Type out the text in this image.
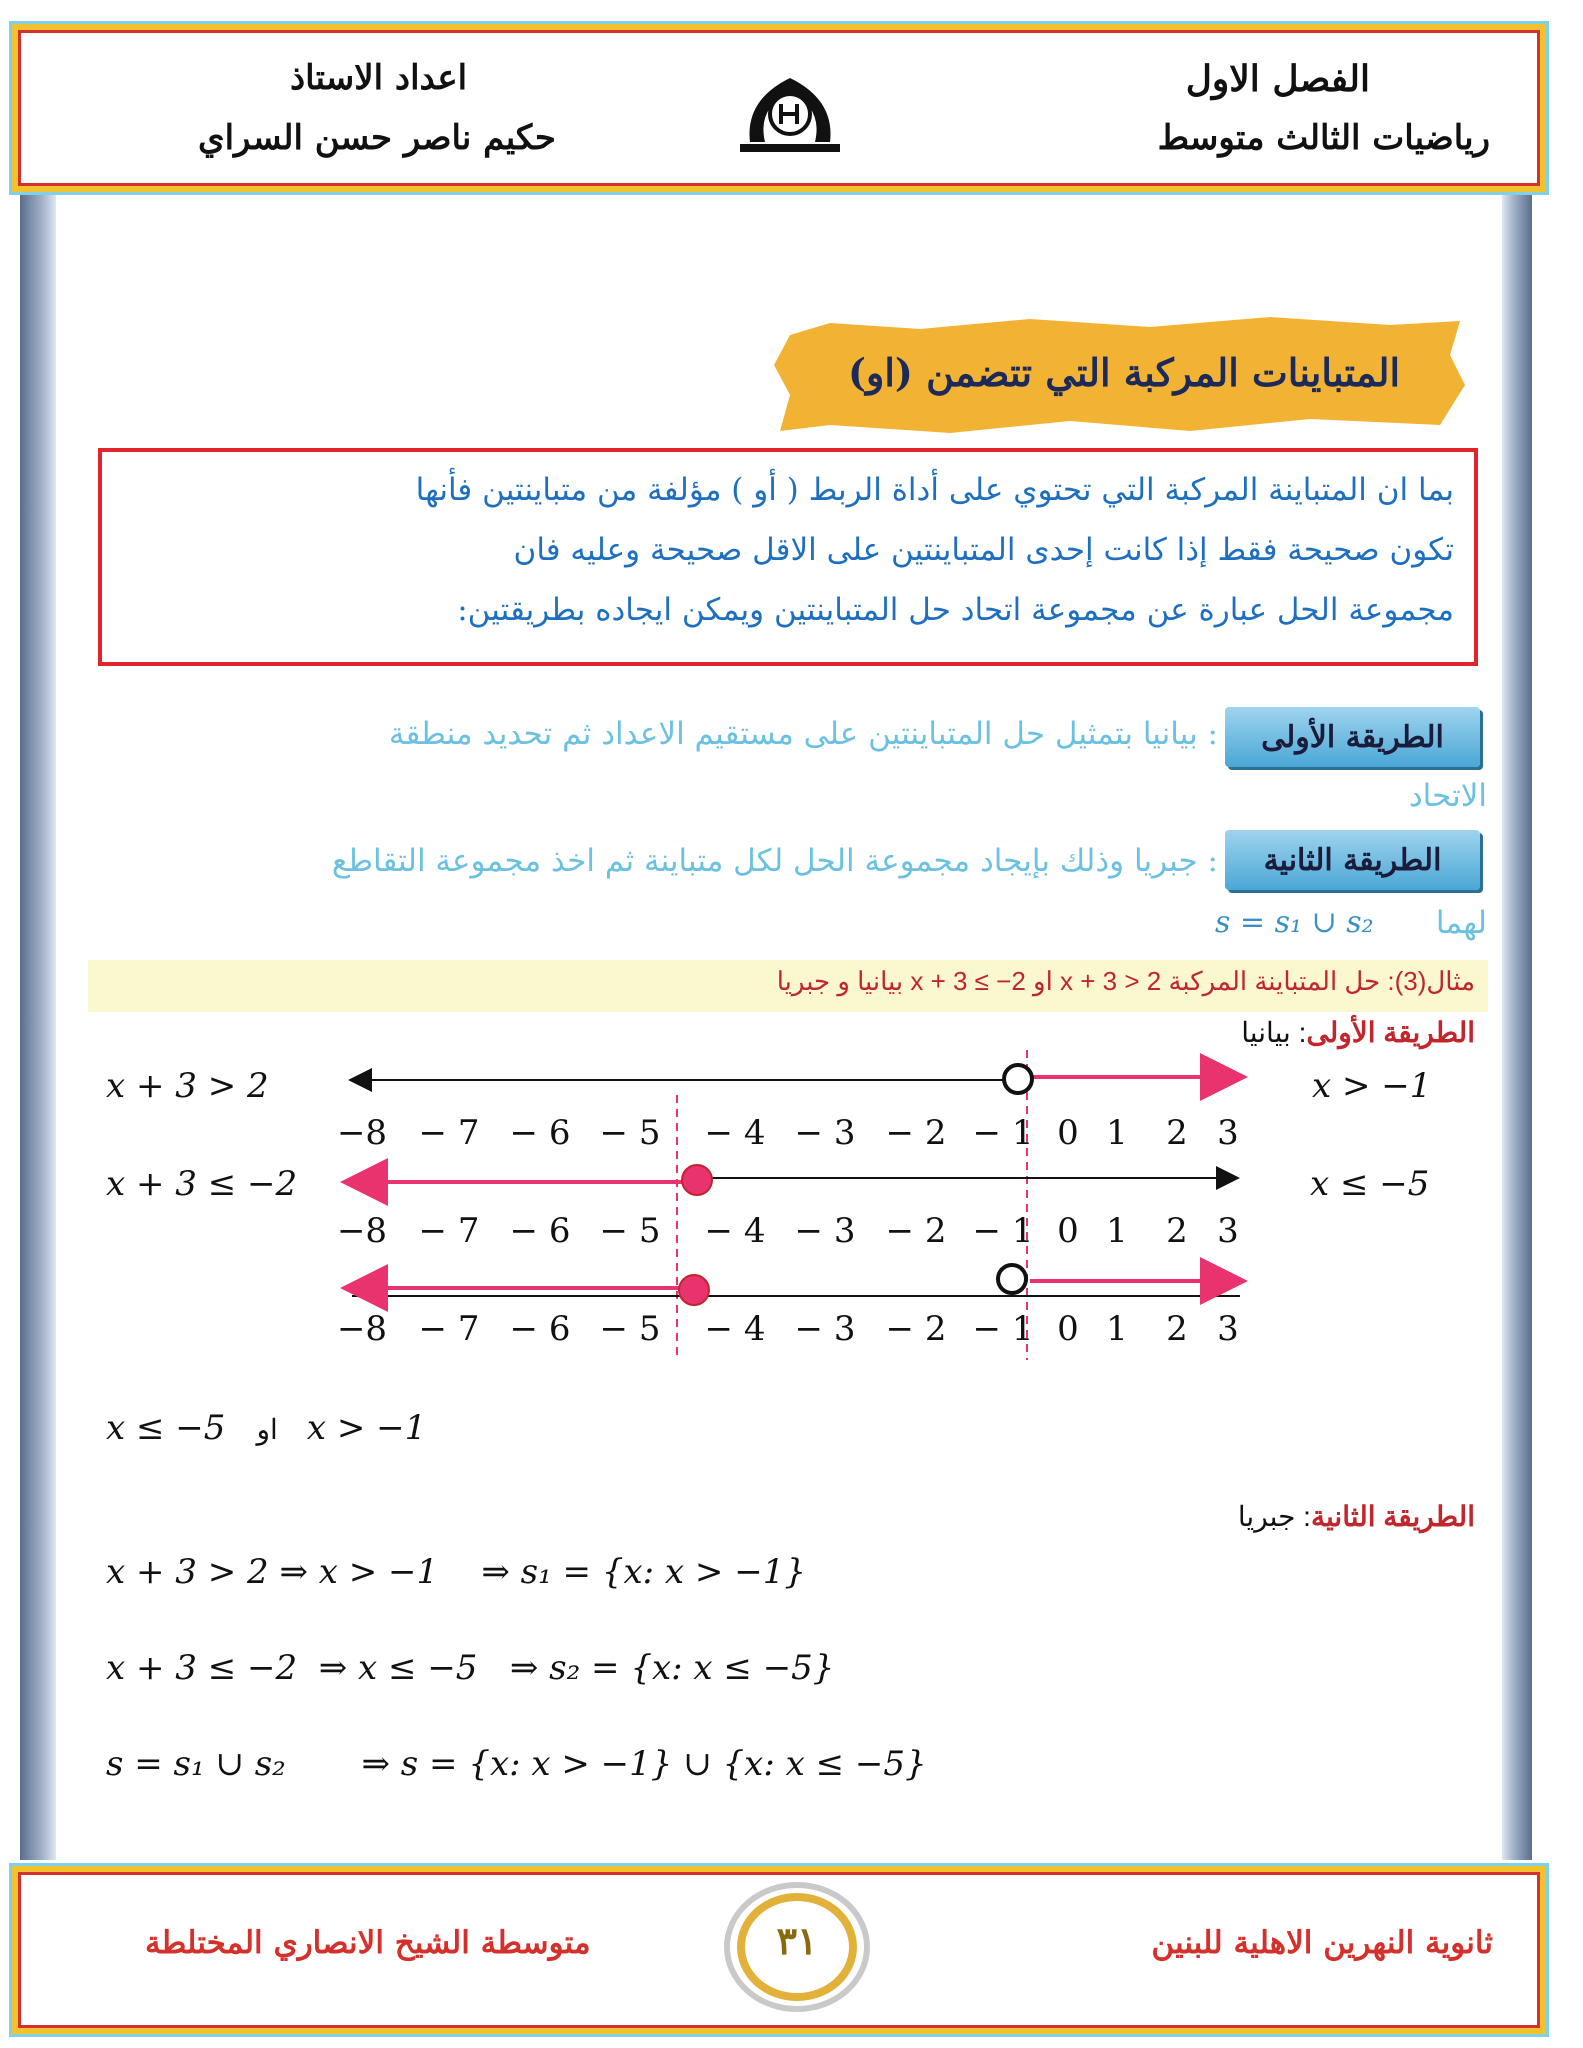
الفصل الاول
رياضيات الثالث متوسط
اعداد الاستاذ
حكيم ناصر حسن السراي
المتباينات المركبة التي تتضمن (او)
بما ان المتباينة المركبة التي تحتوي على أداة الربط ( أو ) مؤلفة من متباينتين فأنها
تكون صحيحة فقط إذا كانت إحدى المتباينتين على الاقل صحيحة وعليه فان
مجموعة الحل عبارة عن مجموعة اتحاد حل المتباينتين ويمكن ايجاده بطريقتين:
الطريقة الأولى
: بيانيا بتمثيل حل المتباينتين على مستقيم الاعداد ثم تحديد منطقة
الاتحاد
الطريقة الثانية
: جبريا وذلك بإيجاد مجموعة الحل لكل متباينة ثم اخذ مجموعة التقاطع
لهما
s = s₁ ∪ s₂
مثال(3): حل المتباينة المركبة x + 3 > 2 او x + 3 ≤ −2 بيانيا و جبريا
الطريقة الأولى: بيانيا
x + 3 > 2	x > −1
x + 3 ≤ −2	x ≤ −5
−8 − 7 − 6 − 5 − 4 − 3 − 2 − 1 0 1 2 3
−8 − 7 − 6 − 5 − 4 − 3 − 2 − 1 0 1 2 3
−8 − 7 − 6 − 5 − 4 − 3 − 2 − 1 0 1 2 3
x ≤ −5 او x > −1
الطريقة الثانية: جبريا
x + 3 > 2 ⇒ x > −1    ⇒ s₁ = {x: x > −1}
x + 3 ≤ −2  ⇒ x ≤ −5   ⇒ s₂ = {x: x ≤ −5}
s = s₁ ∪ s₂       ⇒ s = {x: x > −1} ∪ {x: x ≤ −5}
ثانوية النهرين الاهلية للبنين
متوسطة الشيخ الانصاري المختلطة	٣١
